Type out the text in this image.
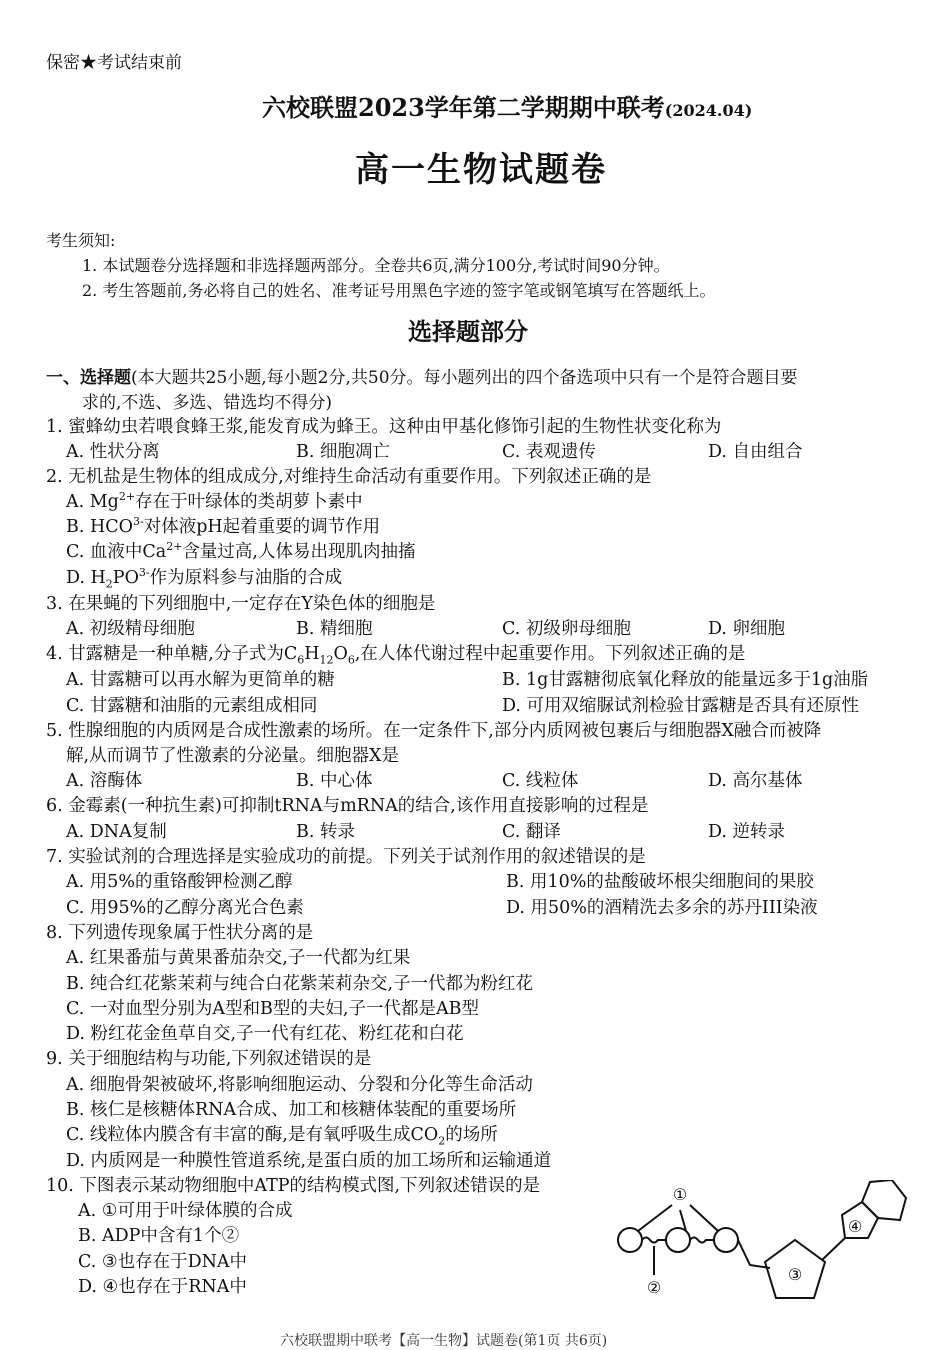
保密★考试结束前
六校联盟2023学年第二学期期中联考(2024.04)
高一生物试题卷
考生须知:
1. 本试题卷分选择题和非选择题两部分。全卷共6页,满分100分,考试时间90分钟。
2. 考生答题前,务必将自己的姓名、准考证号用黑色字迹的签字笔或钢笔填写在答题纸上。
选择题部分
一、选择题(本大题共25小题,每小题2分,共50分。每小题列出的四个备选项中只有一个是符合题目要
求的,不选、多选、错选均不得分)
1. 蜜蜂幼虫若喂食蜂王浆,能发育成为蜂王。这种由甲基化修饰引起的生物性状变化称为
A. 性状分离	B. 细胞凋亡	C. 表观遗传	D. 自由组合
2. 无机盐是生物体的组成成分,对维持生命活动有重要作用。下列叙述正确的是
A. $Mg^{2+}$存在于叶绿体的类胡萝卜素中
B. $HCO^{3-}$对体液pH起着重要的调节作用
C. 血液中$Ca^{2+}$含量过高,人体易出现肌肉抽搐
D. $H_2PO^{3-}$作为原料参与油脂的合成
3. 在果蝇的下列细胞中,一定存在Y染色体的细胞是
A. 初级精母细胞	B. 精细胞	C. 初级卵母细胞	D. 卵细胞
4. 甘露糖是一种单糖,分子式为$C_6H_{12}O_6$,在人体代谢过程中起重要作用。下列叙述正确的是
A. 甘露糖可以再水解为更简单的糖	B. 1g甘露糖彻底氧化释放的能量远多于1g油脂
C. 甘露糖和油脂的元素组成相同	D. 可用双缩脲试剂检验甘露糖是否具有还原性
5. 性腺细胞的内质网是合成性激素的场所。在一定条件下,部分内质网被包裹后与细胞器X融合而被降
解,从而调节了性激素的分泌量。细胞器X是
A. 溶酶体	B. 中心体	C. 线粒体	D. 高尔基体
6. 金霉素(一种抗生素)可抑制tRNA与mRNA的结合,该作用直接影响的过程是
A. DNA复制	B. 转录	C. 翻译	D. 逆转录
7. 实验试剂的合理选择是实验成功的前提。下列关于试剂作用的叙述错误的是
A. 用5%的重铬酸钾检测乙醇	B. 用10%的盐酸破坏根尖细胞间的果胶
C. 用95%的乙醇分离光合色素	D. 用50%的酒精洗去多余的苏丹III染液
8. 下列遗传现象属于性状分离的是
A. 红果番茄与黄果番茄杂交,子一代都为红果
B. 纯合红花紫茉莉与纯合白花紫茉莉杂交,子一代都为粉红花
C. 一对血型分别为A型和B型的夫妇,子一代都是AB型
D. 粉红花金鱼草自交,子一代有红花、粉红花和白花
9. 关于细胞结构与功能,下列叙述错误的是
A. 细胞骨架被破坏,将影响细胞运动、分裂和分化等生命活动
B. 核仁是核糖体RNA合成、加工和核糖体装配的重要场所
C. 线粒体内膜含有丰富的酶,是有氧呼吸生成$CO_2$的场所
D. 内质网是一种膜性管道系统,是蛋白质的加工场所和运输通道
10. 下图表示某动物细胞中ATP的结构模式图,下列叙述错误的是
A. ①可用于叶绿体膜的合成
B. ADP中含有1个②
C. ③也存在于DNA中
D. ④也存在于RNA中
①
②
③
④
六校联盟期中联考【高一生物】试题卷(第1页 共6页)
